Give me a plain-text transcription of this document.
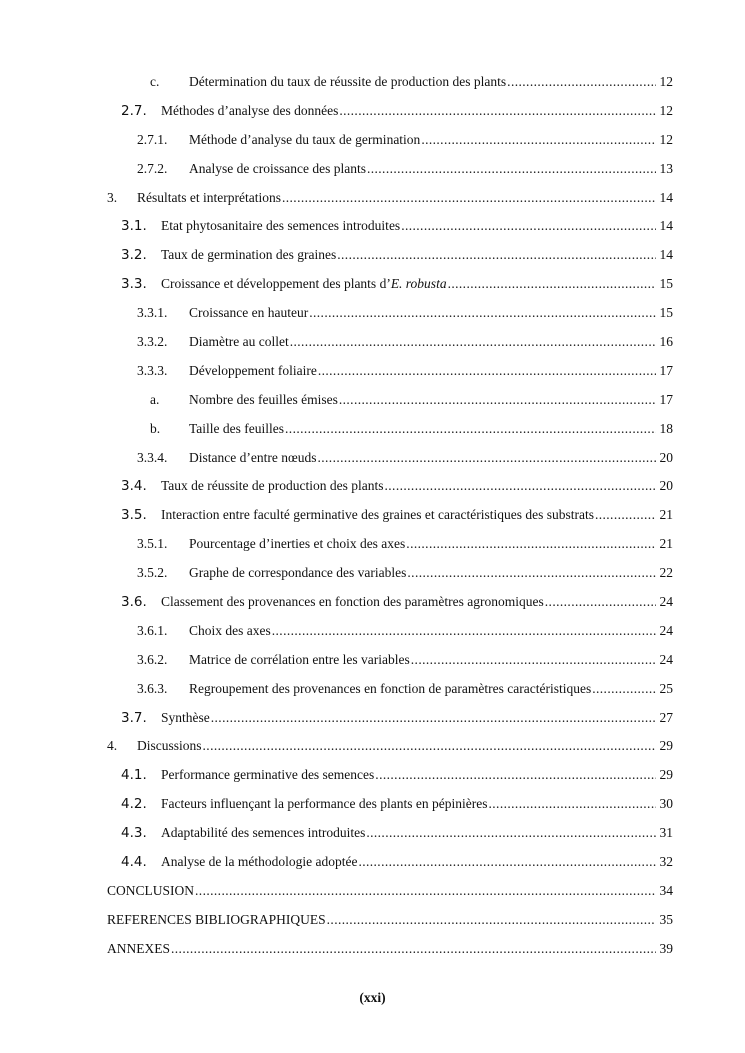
c.	Détermination du taux de réussite de production des plants .....	12
2.7.	Méthodes d’analyse des données .....	12
2.7.1.	Méthode d’analyse du taux de germination .....	12
2.7.2.	Analyse de croissance des plants .....	13
3.	Résultats et interprétations .....	14
3.1.	Etat phytosanitaire des semences introduites .....	14
3.2.	Taux de germination des graines .....	14
3.3.	Croissance et développement des plants d’E. robusta .....	15
3.3.1.	Croissance en hauteur .....	15
3.3.2.	Diamètre au collet .....	16
3.3.3.	Développement foliaire .....	17
a.	Nombre des feuilles émises .....	17
b.	Taille des feuilles .....	18
3.3.4.	Distance d’entre nœuds .....	20
3.4.	Taux de réussite de production des plants .....	20
3.5.	Interaction entre faculté germinative des graines et caractéristiques des substrats .....	21
3.5.1.	Pourcentage d’inerties et choix des axes .....	21
3.5.2.	Graphe de correspondance des variables .....	22
3.6.	Classement des provenances en fonction des paramètres agronomiques .....	24
3.6.1.	Choix des axes .....	24
3.6.2.	Matrice de corrélation entre les variables .....	24
3.6.3.	Regroupement des provenances en fonction de paramètres caractéristiques .....	25
3.7.	Synthèse .....	27
4.	Discussions .....	29
4.1.	Performance germinative des semences .....	29
4.2.	Facteurs influençant la performance des plants en pépinières .....	30
4.3.	Adaptabilité des semences introduites .....	31
4.4.	Analyse de la méthodologie adoptée .....	32
CONCLUSION .....	34
REFERENCES BIBLIOGRAPHIQUES .....	35
ANNEXES .....	39
(xxi)
